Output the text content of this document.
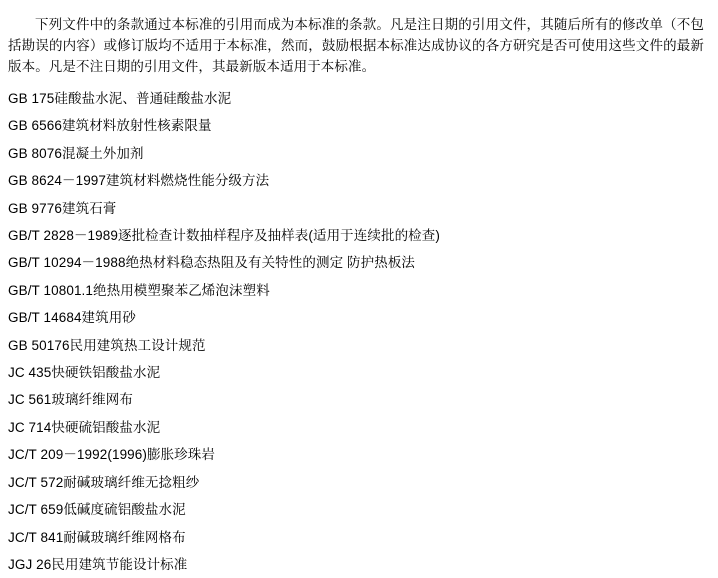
下列文件中的条款通过本标准的引用而成为本标准的条款。凡是注日期的引用文件，其随后所有的修改单（不包括勘误的内容）或修订版均不适用于本标准，然而，鼓励根据本标准达成协议的各方研究是否可使用这些文件的最新版本。凡是不注日期的引用文件，其最新版本适用于本标准。

GB 175硅酸盐水泥、普通硅酸盐水泥
GB 6566建筑材料放射性核素限量
GB 8076混凝土外加剂
GB 8624－1997建筑材料燃烧性能分级方法
GB 9776建筑石膏
GB/T 2828－1989逐批检查计数抽样程序及抽样表(适用于连续批的检查)
GB/T 10294－1988绝热材料稳态热阻及有关特性的测定 防护热板法
GB/T 10801.1绝热用模塑聚苯乙烯泡沫塑料
GB/T 14684建筑用砂
GB 50176民用建筑热工设计规范
JC 435快硬铁铝酸盐水泥
JC 561玻璃纤维网布
JC 714快硬硫铝酸盐水泥
JC/T 209－1992(1996)膨胀珍珠岩
JC/T 572耐碱玻璃纤维无捻粗纱
JC/T 659低碱度硫铝酸盐水泥
JC/T 841耐碱玻璃纤维网格布
JGJ 26民用建筑节能设计标准
